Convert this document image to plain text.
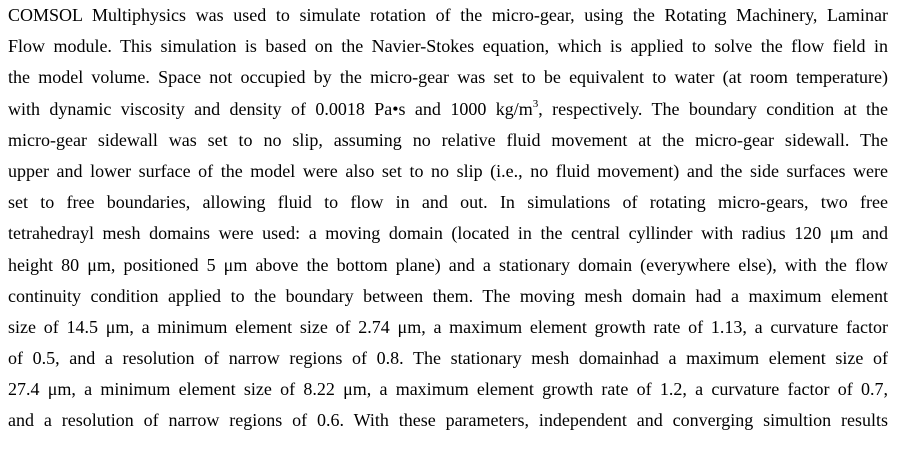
COMSOL Multiphysics was used to simulate rotation of the micro-gear, using the Rotating Machinery, Laminar
Flow module. This simulation is based on the Navier-Stokes equation, which is applied to solve the flow field in
the model volume. Space not occupied by the micro-gear was set to be equivalent to water (at room temperature)
with dynamic viscosity and density of 0.0018 Pa•s and 1000 $kg/m^3$, respectively. The boundary condition at the
micro-gear sidewall was set to no slip, assuming no relative fluid movement at the micro-gear sidewall. The
upper and lower surface of the model were also set to no slip (i.e., no fluid movement) and the side surfaces were
set to free boundaries, allowing fluid to flow in and out. In simulations of rotating micro-gears, two free
tetrahedrayl mesh domains were used: a moving domain (located in the central cyllinder with radius 120 μm and
height 80 μm, positioned 5 μm above the bottom plane) and a stationary domain (everywhere else), with the flow
continuity condition applied to the boundary between them. The moving mesh domain had a maximum element
size of 14.5 μm, a minimum element size of 2.74 μm, a maximum element growth rate of 1.13, a curvature factor
of 0.5, and a resolution of narrow regions of 0.8. The stationary mesh domainhad a maximum element size of
27.4 μm, a minimum element size of 8.22 μm, a maximum element growth rate of 1.2, a curvature factor of 0.7,
and a resolution of narrow regions of 0.6. With these parameters, independent and converging simultion results
